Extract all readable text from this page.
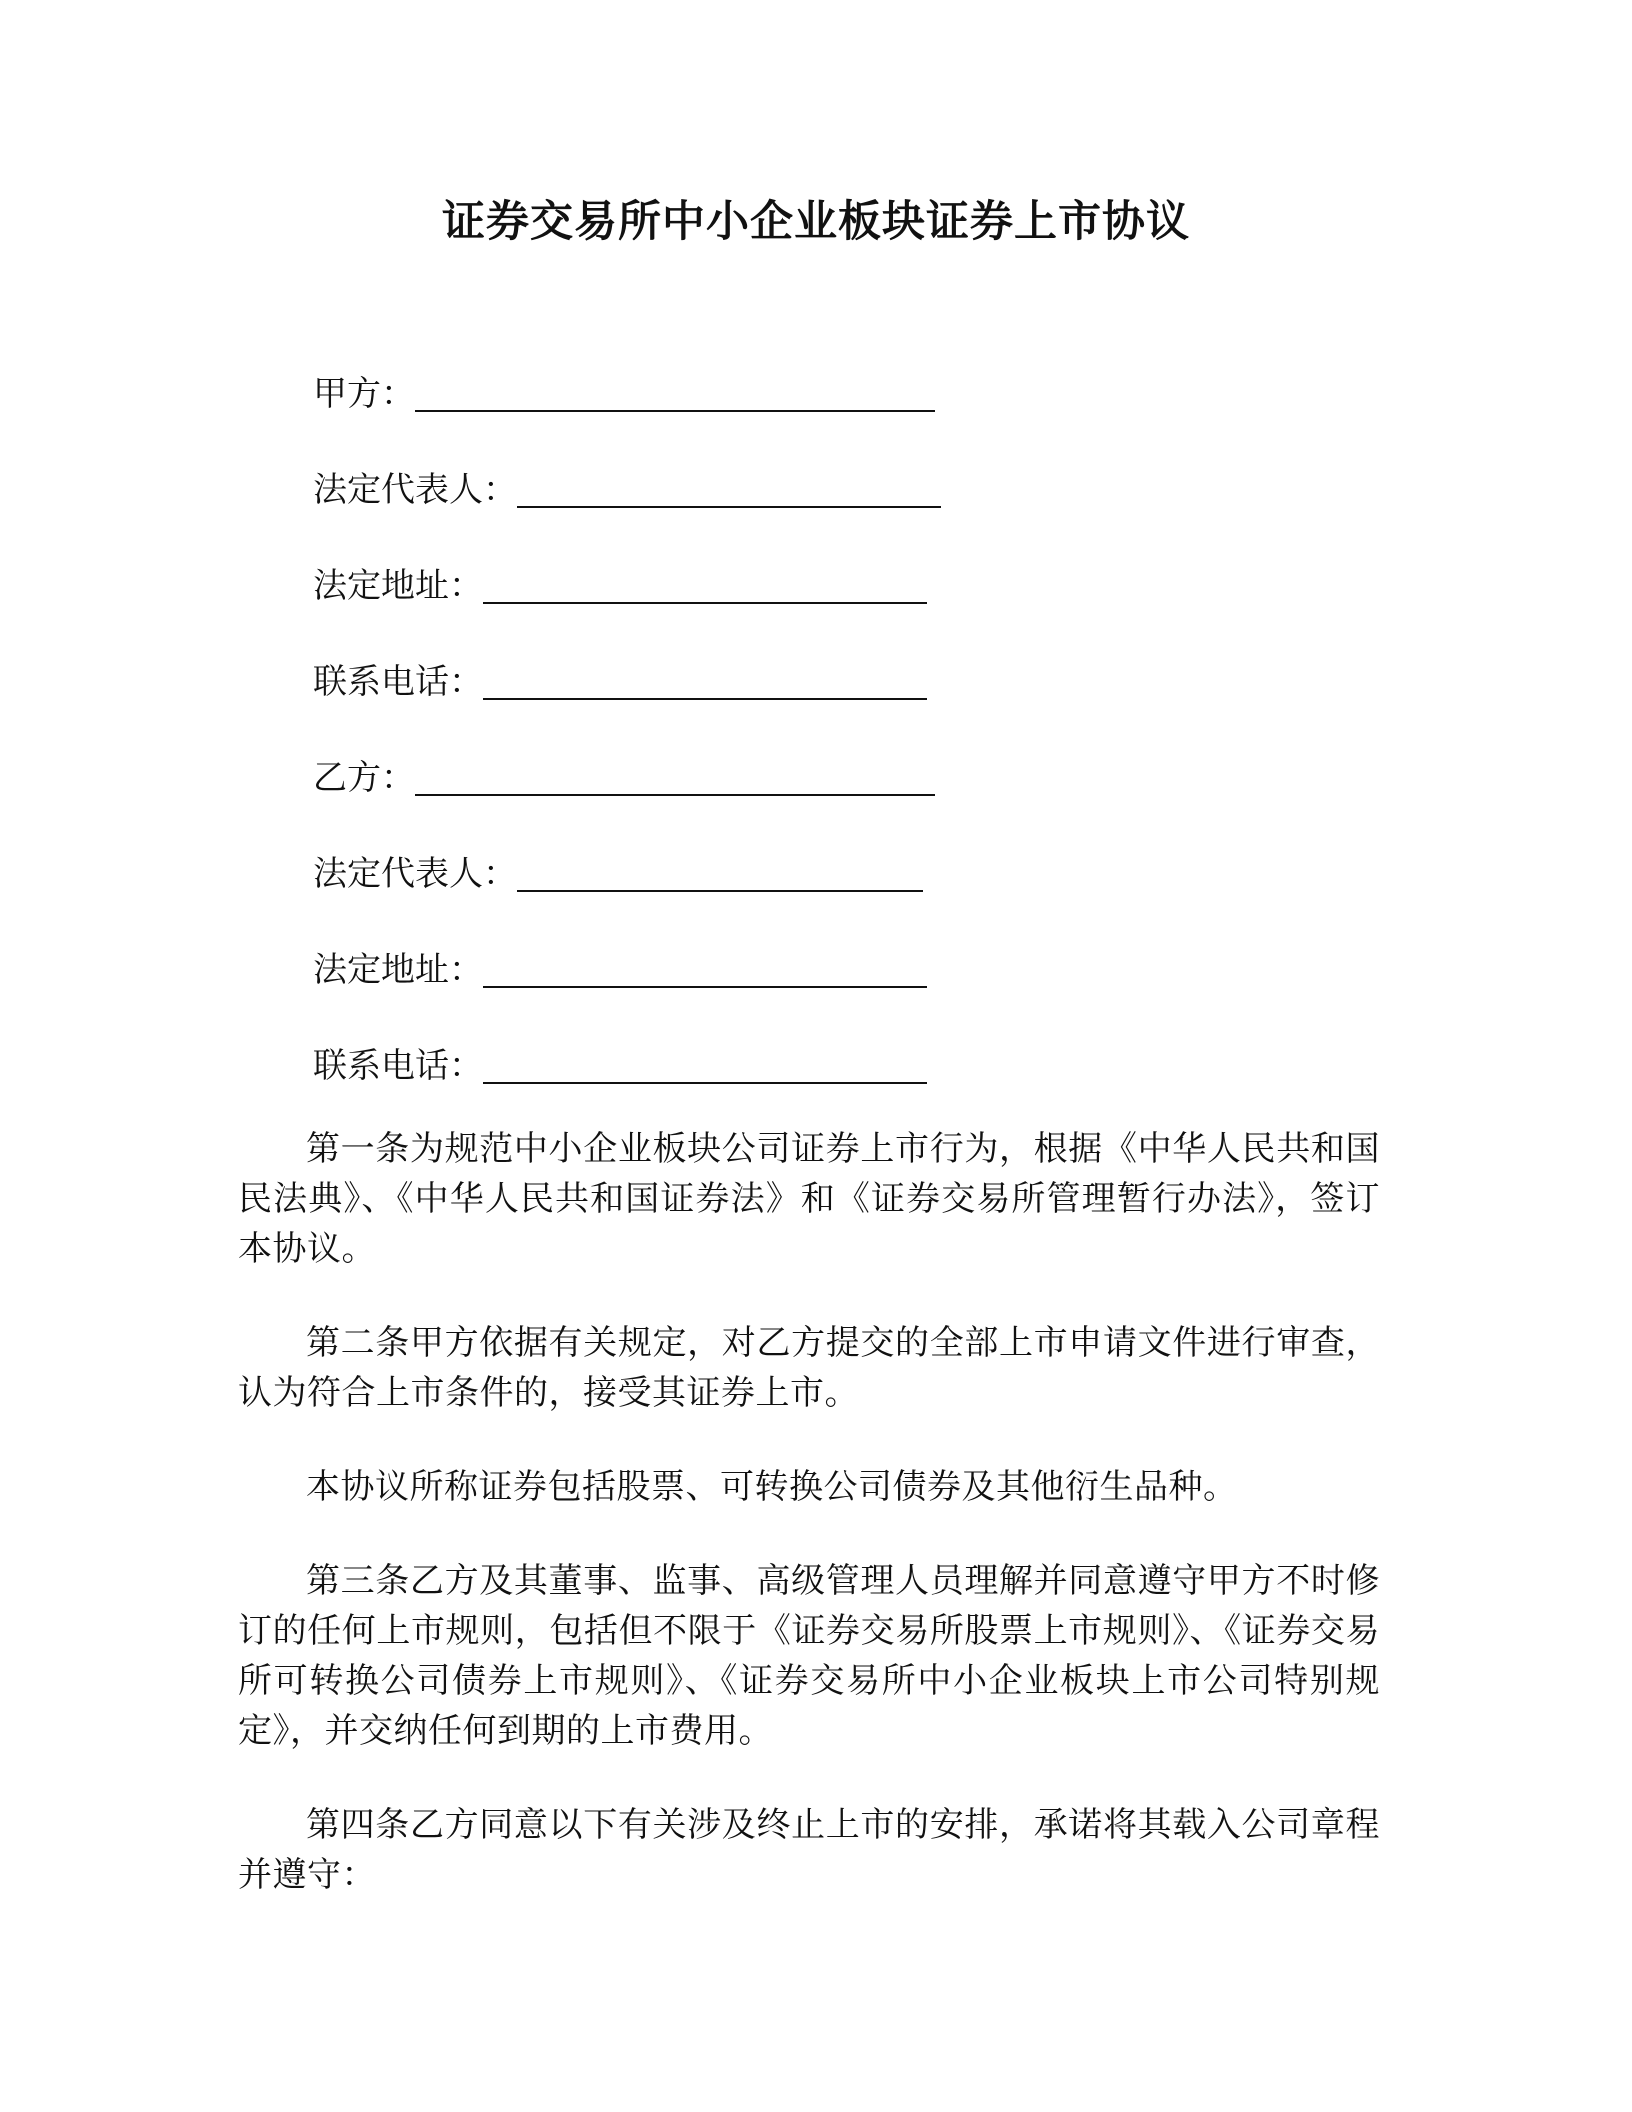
证券交易所中小企业板块证券上市协议
甲方：
法定代表人：
法定地址：
联系电话：
乙方：
法定代表人：
法定地址：
联系电话：

第一条为规范中小企业板块公司证券上市行为，根据《中华人民共和国民法典》、《中华人民共和国证券法》和《证券交易所管理暂行办法》，签订本协议。

第二条甲方依据有关规定，对乙方提交的全部上市申请文件进行审查，认为符合上市条件的，接受其证券上市。

本协议所称证券包括股票、可转换公司债券及其他衍生品种。

第三条乙方及其董事、监事、高级管理人员理解并同意遵守甲方不时修订的任何上市规则，包括但不限于《证券交易所股票上市规则》、《证券交易所可转换公司债券上市规则》、《证券交易所中小企业板块上市公司特别规定》，并交纳任何到期的上市费用。

第四条乙方同意以下有关涉及终止上市的安排，承诺将其载入公司章程并遵守：
